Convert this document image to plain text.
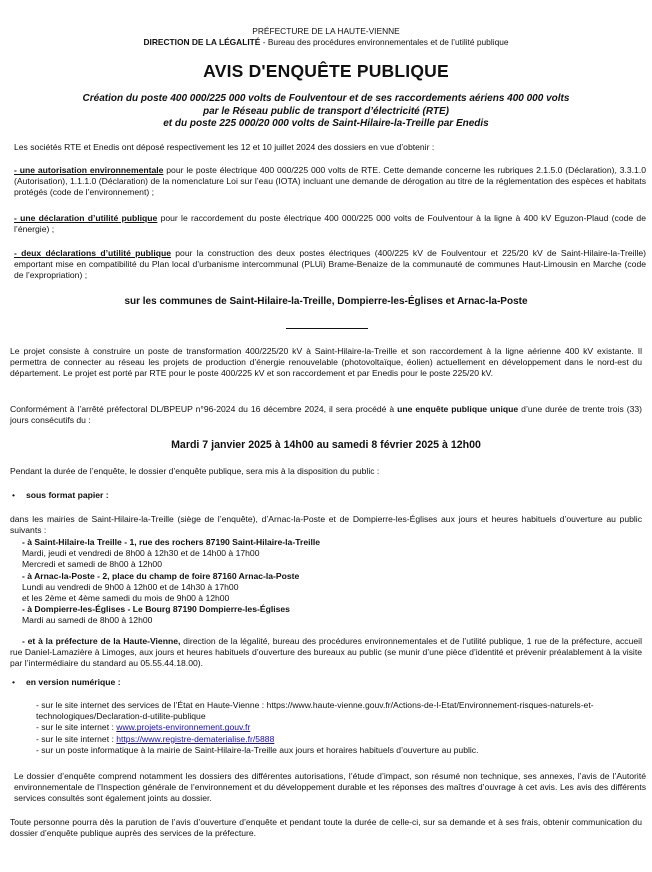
PRÉFECTURE DE LA HAUTE-VIENNE
DIRECTION DE LA LÉGALITÉ - Bureau des procédures environnementales et de l’utilité publique
AVIS D'ENQUÊTE PUBLIQUE
Création du poste 400 000/225 000 volts de Foulventour et de ses raccordements aériens 400 000 volts
par le Réseau public de transport d’électricité (RTE)
et du poste 225 000/20 000 volts de Saint-Hilaire-la-Treille par Enedis
Les sociétés RTE et Enedis ont déposé respectivement les 12 et 10 juillet 2024 des dossiers en vue d’obtenir :
- une autorisation environnementale pour le poste électrique 400 000/225 000 volts de RTE. Cette demande concerne les rubriques 2.1.5.0 (Déclaration), 3.3.1.0 (Autorisation), 1.1.1.0 (Déclaration) de la nomenclature Loi sur l’eau (IOTA) incluant une demande de dérogation au titre de la réglementation des espèces et habitats protégés (code de l’environnement) ;
- une déclaration d’utilité publique pour le raccordement du poste électrique 400 000/225 000 volts de Foulventour à la ligne à 400 kV Eguzon-Plaud (code de l’énergie) ;
- deux déclarations d’utilité publique pour la construction des deux postes électriques (400/225 kV de Foulventour et 225/20 kV de Saint-Hilaire-la-Treille) emportant mise en compatibilité du Plan local d’urbanisme intercommunal (PLUi) Brame-Benaize de la communauté de communes Haut-Limousin en Marche (code de l’expropriation) ;
sur les communes de Saint-Hilaire-la-Treille, Dompierre-les-Églises et Arnac-la-Poste
Le projet consiste à construire un poste de transformation 400/225/20 kV à Saint-Hilaire-la-Treille et son raccordement à la ligne aérienne 400 kV existante. Il permettra de connecter au réseau les projets de production d’énergie renouvelable (photovoltaïque, éolien) actuellement en développement dans le nord-est du département. Le projet est porté par RTE pour le poste 400/225 kV et son raccordement et par Enedis pour le poste 225/20 kV.
Conformément à l’arrêté préfectoral DL/BPEUP n°96-2024 du 16 décembre 2024, il sera procédé à une enquête publique unique d’une durée de trente trois (33) jours consécutifs du :
Mardi 7 janvier 2025 à 14h00 au samedi 8 février 2025 à 12h00
Pendant la durée de l’enquête, le dossier d’enquête publique, sera mis à la disposition du public :
• sous format papier :
dans les mairies de Saint-Hilaire-la-Treille (siège de l’enquête), d’Arnac-la-Poste et de Dompierre-les-Églises aux jours et heures habituels d’ouverture au public suivants :
- à Saint-Hilaire-la Treille - 1, rue des rochers 87190 Saint-Hilaire-la-Treille
Mardi, jeudi et vendredi de 8h00 à 12h30 et de 14h00 à 17h00
Mercredi et samedi de 8h00 à 12h00
- à Arnac-la-Poste - 2, place du champ de foire 87160 Arnac-la-Poste
Lundi au vendredi de 9h00 à 12h00 et de 14h30 à 17h00
et les 2ème et 4ème samedi du mois de 9h00 à 12h00
- à Dompierre-les-Églises - Le Bourg 87190 Dompierre-les-Églises
Mardi au samedi de 8h00 à 12h00
- et à la préfecture de la Haute-Vienne, direction de la légalité, bureau des procédures environnementales et de l’utilité publique, 1 rue de la préfecture, accueil rue Daniel-Lamazière à Limoges, aux jours et heures habituels d’ouverture des bureaux au public (se munir d’une pièce d’identité et prévenir préalablement à la visite par l’intermédiaire du standard au 05.55.44.18.00).
• en version numérique :
- sur le site internet des services de l’État en Haute-Vienne : https://www.haute-vienne.gouv.fr/Actions-de-l-Etat/Environnement-risques-naturels-et-technologiques/Declaration-d-utilite-publique
- sur le site internet : www.projets-environnement.gouv.fr
- sur le site internet : https://www.registre-dematerialise.fr/5888
- sur un poste informatique à la mairie de Saint-Hilaire-la-Treille aux jours et horaires habituels d’ouverture au public.
Le dossier d’enquête comprend notamment les dossiers des différentes autorisations, l’étude d’impact, son résumé non technique, ses annexes, l’avis de l’Autorité environnementale de l’Inspection générale de l’environnement et du développement durable et les réponses des maîtres d’ouvrage à cet avis. Les avis des différents services consultés sont également joints au dossier.
Toute personne pourra dès la parution de l’avis d’ouverture d’enquête et pendant toute la durée de celle-ci, sur sa demande et à ses frais, obtenir communication du dossier d’enquête publique auprès des services de la préfecture.
